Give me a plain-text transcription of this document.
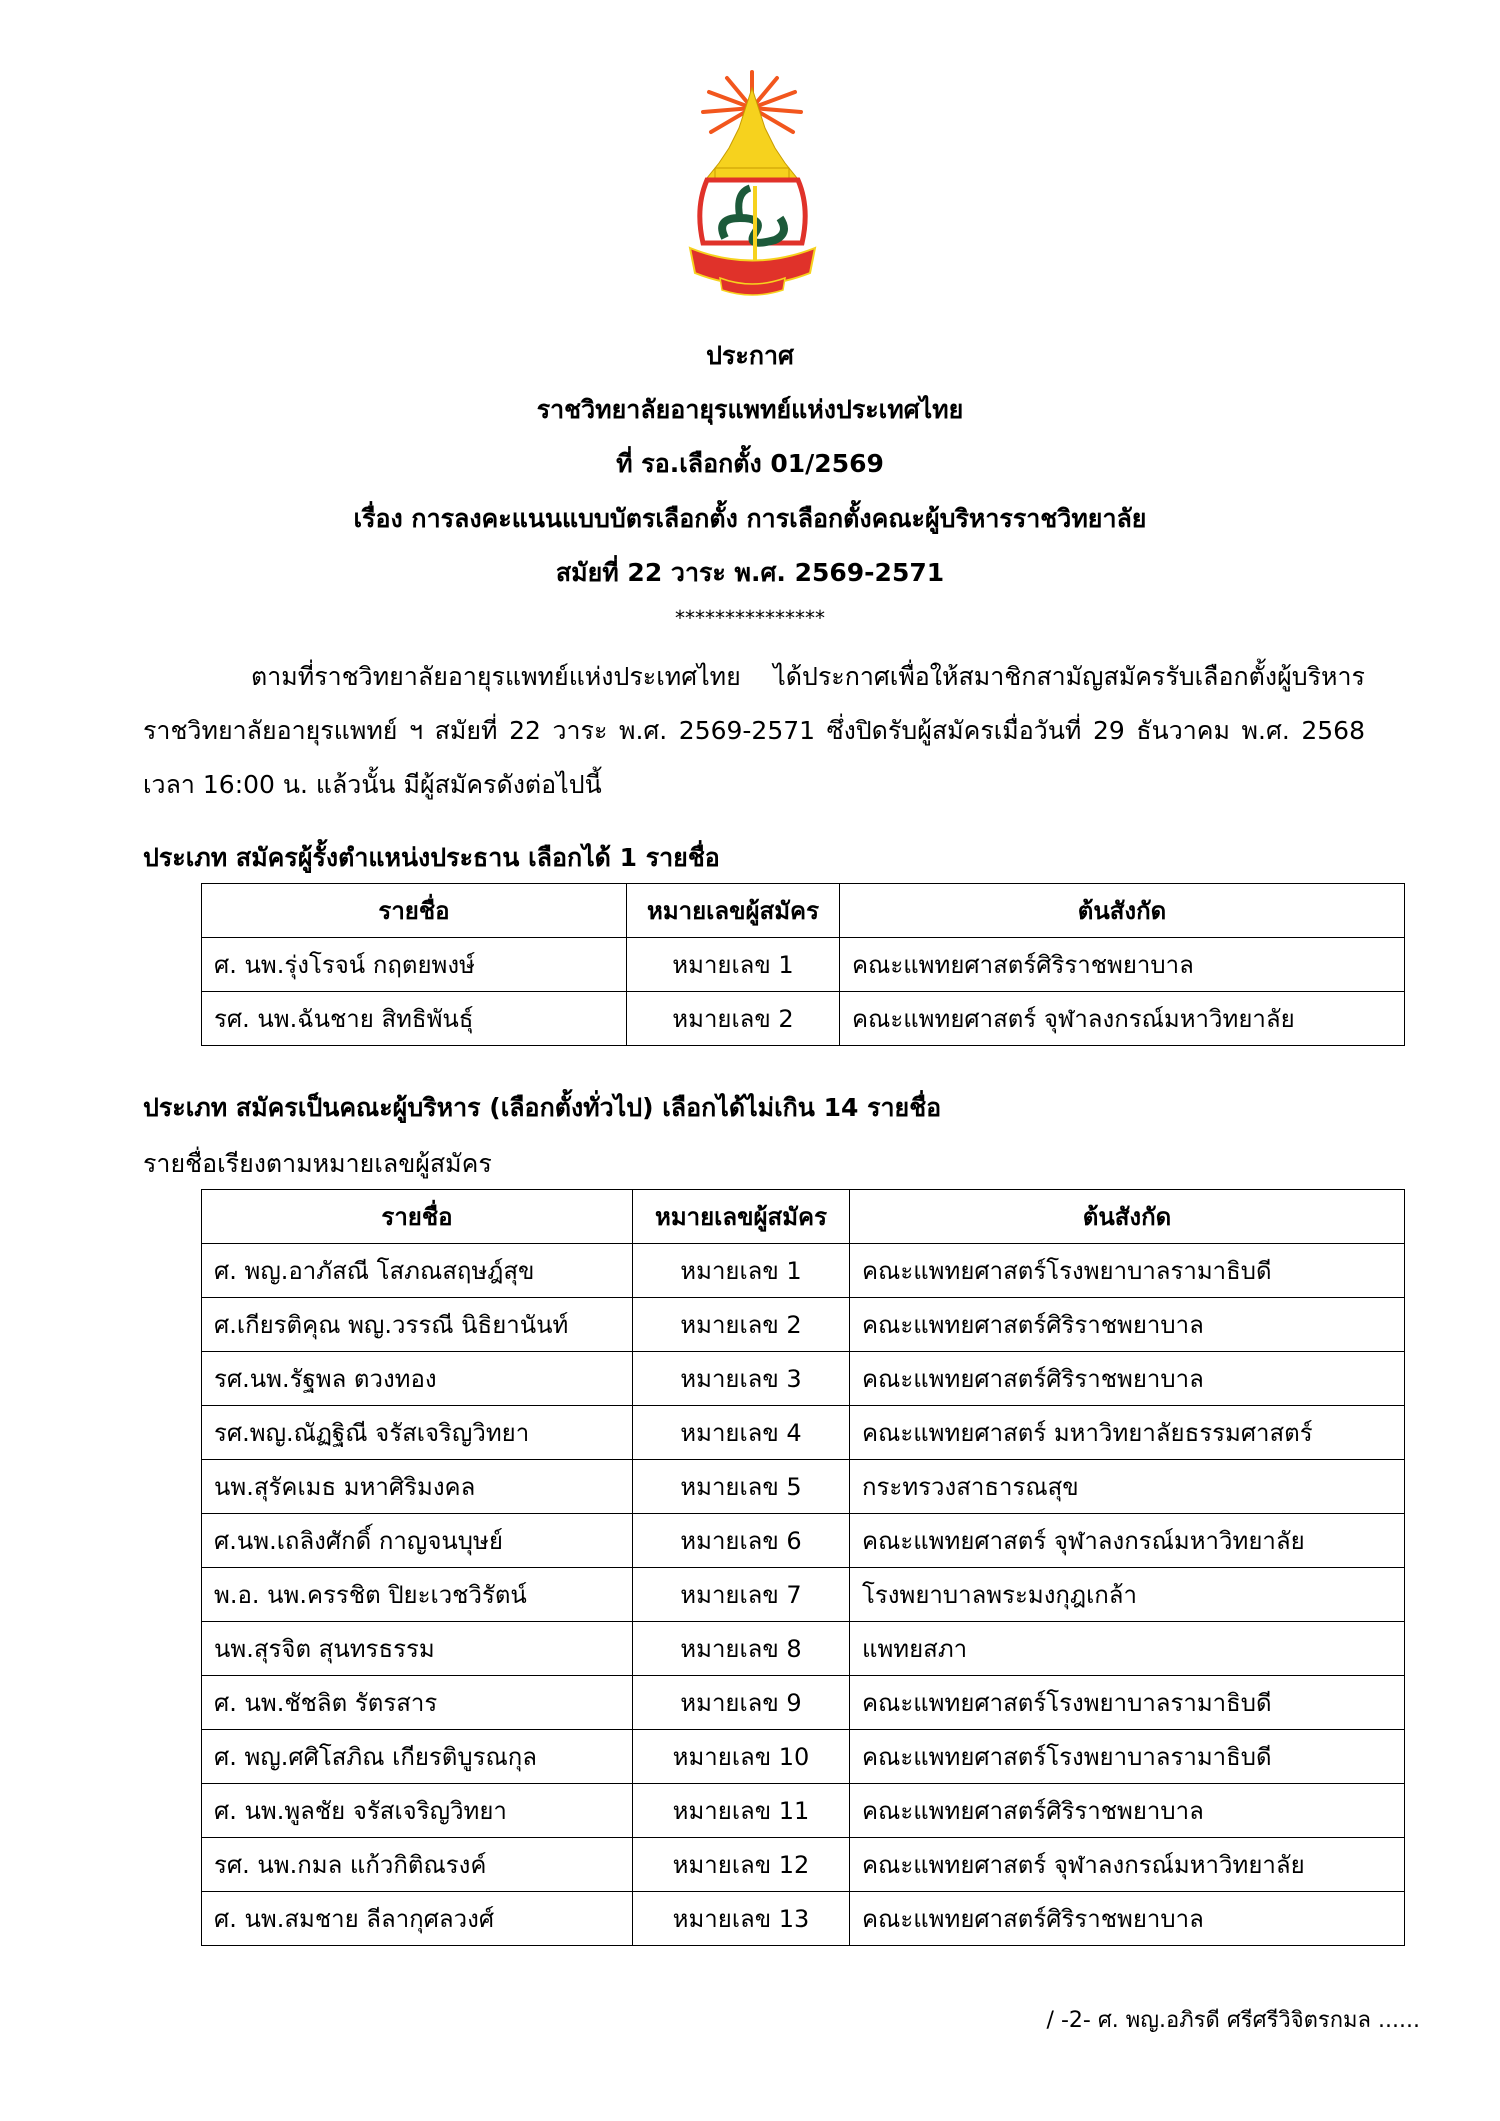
ประกาศ
ราชวิทยาลัยอายุรแพทย์แห่งประเทศไทย
ที่ รอ.เลือกตั้ง 01/2569
เรื่อง การลงคะแนนแบบบัตรเลือกตั้ง การเลือกตั้งคณะผู้บริหารราชวิทยาลัย
สมัยที่ 22 วาระ พ.ศ. 2569-2571
***************
ตามที่ราชวิทยาลัยอายุรแพทย์แห่งประเทศไทย ได้ประกาศเพื่อให้สมาชิกสามัญสมัครรับเลือกตั้งผู้บริหาร ราชวิทยาลัยอายุรแพทย์ ฯ สมัยที่ 22 วาระ พ.ศ. 2569-2571 ซึ่งปิดรับผู้สมัครเมื่อวันที่ 29 ธันวาคม พ.ศ. 2568 เวลา 16:00 น. แล้วนั้น มีผู้สมัครดังต่อไปนี้
ประเภท สมัครผู้รั้งตำแหน่งประธาน เลือกได้ 1 รายชื่อ
รายชื่อ	หมายเลขผู้สมัคร	ต้นสังกัด
ศ. นพ.รุ่งโรจน์ กฤตยพงษ์	หมายเลข 1	คณะแพทยศาสตร์ศิริราชพยาบาล
รศ. นพ.ฉันชาย สิทธิพันธุ์	หมายเลข 2	คณะแพทยศาสตร์ จุฬาลงกรณ์มหาวิทยาลัย
ประเภท สมัครเป็นคณะผู้บริหาร (เลือกตั้งทั่วไป) เลือกได้ไม่เกิน 14 รายชื่อ
รายชื่อเรียงตามหมายเลขผู้สมัคร
รายชื่อ	หมายเลขผู้สมัคร	ต้นสังกัด
ศ. พญ.อาภัสณี โสภณสฤษฎ์สุข	หมายเลข 1	คณะแพทยศาสตร์โรงพยาบาลรามาธิบดี
ศ.เกียรติคุณ พญ.วรรณี นิธิยานันท์	หมายเลข 2	คณะแพทยศาสตร์ศิริราชพยาบาล
รศ.นพ.รัฐพล ตวงทอง	หมายเลข 3	คณะแพทยศาสตร์ศิริราชพยาบาล
รศ.พญ.ณัฏฐิณี จรัสเจริญวิทยา	หมายเลข 4	คณะแพทยศาสตร์ มหาวิทยาลัยธรรมศาสตร์
นพ.สุรัคเมธ มหาศิริมงคล	หมายเลข 5	กระทรวงสาธารณสุข
ศ.นพ.เถลิงศักดิ์ กาญจนบุษย์	หมายเลข 6	คณะแพทยศาสตร์ จุฬาลงกรณ์มหาวิทยาลัย
พ.อ. นพ.ครรชิต ปิยะเวชวิรัตน์	หมายเลข 7	โรงพยาบาลพระมงกุฎเกล้า
นพ.สุรจิต สุนทรธรรม	หมายเลข 8	แพทยสภา
ศ. นพ.ชัชลิต รัตรสาร	หมายเลข 9	คณะแพทยศาสตร์โรงพยาบาลรามาธิบดี
ศ. พญ.ศศิโสภิณ เกียรติบูรณกุล	หมายเลข 10	คณะแพทยศาสตร์โรงพยาบาลรามาธิบดี
ศ. นพ.พูลชัย จรัสเจริญวิทยา	หมายเลข 11	คณะแพทยศาสตร์ศิริราชพยาบาล
รศ. นพ.กมล แก้วกิติณรงค์	หมายเลข 12	คณะแพทยศาสตร์ จุฬาลงกรณ์มหาวิทยาลัย
ศ. นพ.สมชาย ลีลากุศลวงศ์	หมายเลข 13	คณะแพทยศาสตร์ศิริราชพยาบาล
/ -2- ศ. พญ.อภิรดี ศรีศรีวิจิตรกมล ......
